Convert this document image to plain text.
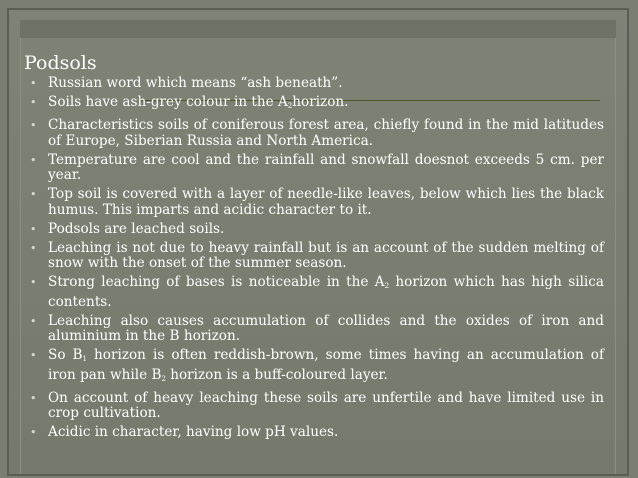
Podsols
• Russian word which means “ash beneath”.
• Soils have ash-grey colour in the $A_2horizon$.
• Characteristics soils of coniferous forest area, chiefly found in the mid latitudes of Europe, Siberian Russia and North America.
• Temperature are cool and the rainfall and snowfall doesnot exceeds 5 cm. per year.
• Top soil is covered with a layer of needle-like leaves, below which lies the black humus. This imparts and acidic character to it.
• Podsols are leached soils.
• Leaching is not due to heavy rainfall but is an account of the sudden melting of snow with the onset of the summer season.
• Strong leaching of bases is noticeable in the $A_2$ horizon which has high silica contents.
• Leaching also causes accumulation of collides and the oxides of iron and aluminium in the B horizon.
• So $B_1$ horizon is often reddish-brown, some times having an accumulation of iron pan while $B_2$ horizon is a buff-coloured layer.
• On account of heavy leaching these soils are unfertile and have limited use in crop cultivation.
• Acidic in character, having low pH values.
